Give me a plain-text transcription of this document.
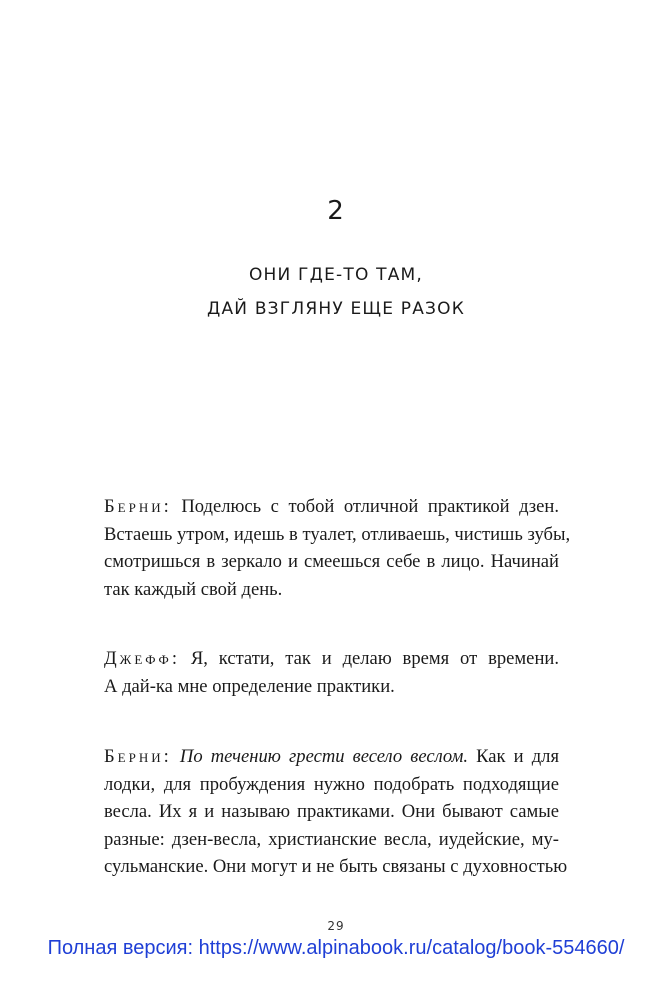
2
ОНИ ГДЕ-ТО ТАМ,
ДАЙ ВЗГЛЯНУ ЕЩЕ РАЗОК
Берни: Поделюсь с тобой отличной практикой дзен.
Встаешь утром, идешь в туалет, отливаешь, чистишь зубы,
смотришься в зеркало и смеешься себе в лицо. Начинай
так каждый свой день.
Джефф: Я, кстати, так и делаю время от времени.
А дай-ка мне определение практики.
Берни: По течению грести весело веслом. Как и для
лодки, для пробуждения нужно подобрать подходящие
весла. Их я и называю практиками. Они бывают самые
разные: дзен-весла, христианские весла, иудейские, му-
сульманские. Они могут и не быть связаны с духовностью
29
Полная версия: https://www.alpinabook.ru/catalog/book-554660/
